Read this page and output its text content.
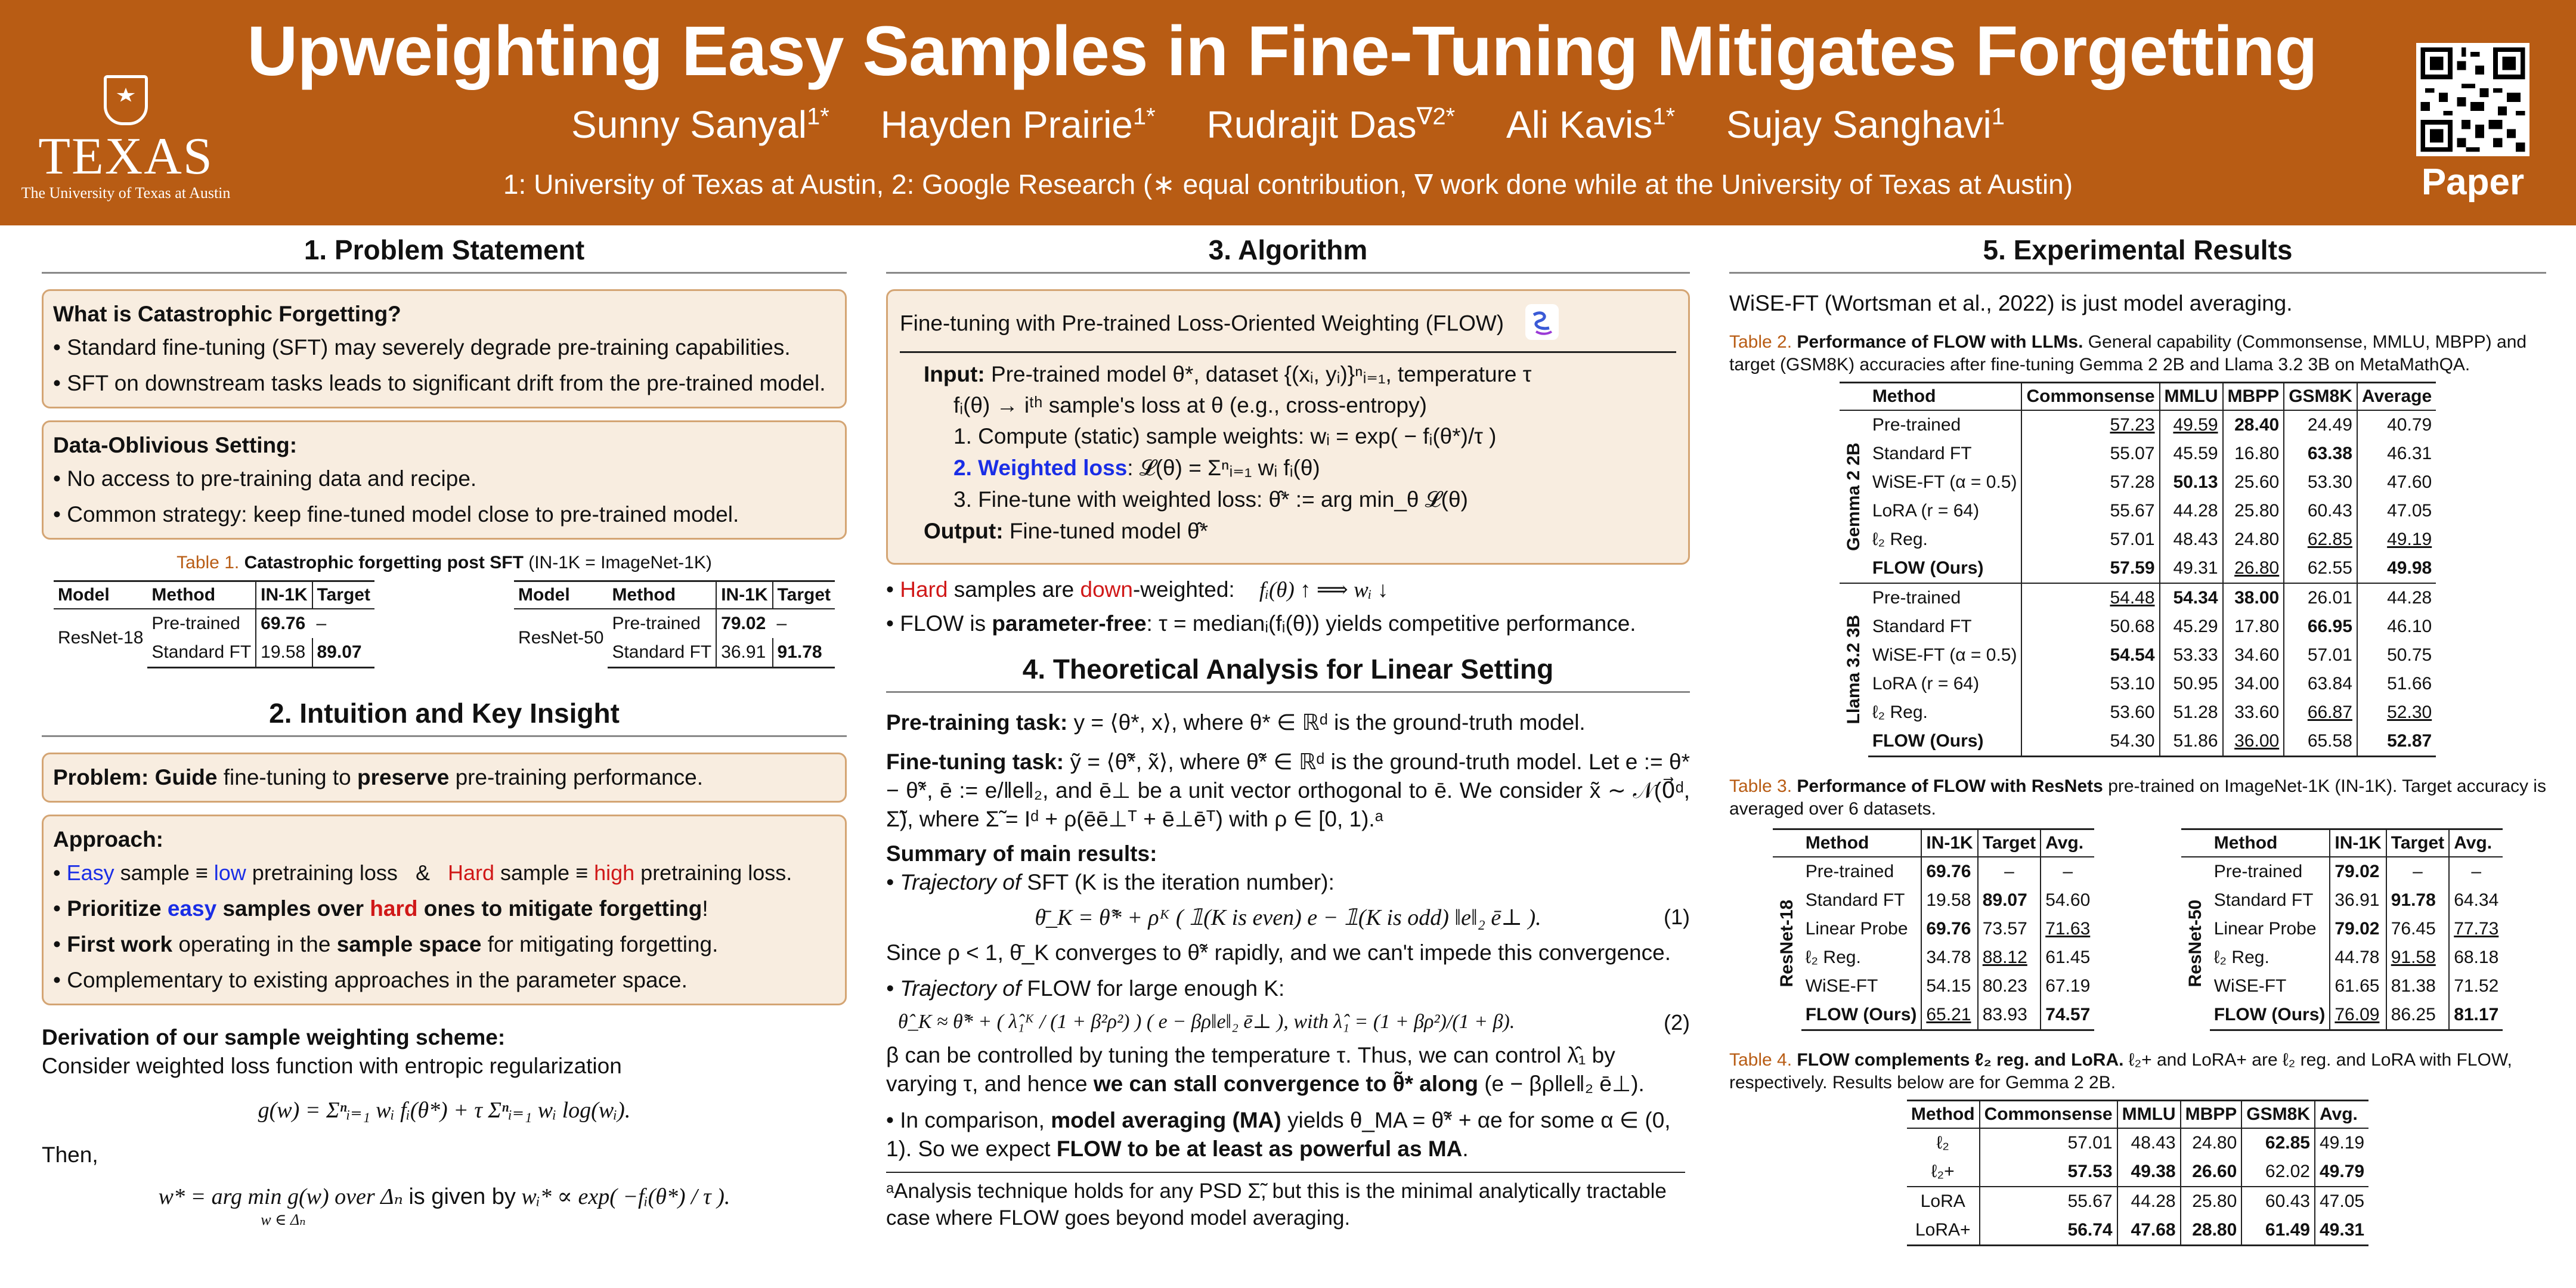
TEXAS
The University of Texas at Austin
Upweighting Easy Samples in Fine-Tuning Mitigates Forgetting
Sunny Sanyal$^{1*}$ Hayden Prairie$^{1*}$ Rudrajit Das$^{\nabla 2*}$ Ali Kavis$^{1*}$ Sujay Sanghavi$^1$
1: University of Texas at Austin, 2: Google Research (∗ equal contribution, ∇ work done while at the University of Texas at Austin)	Paper
1. Problem Statement
What is Catastrophic Forgetting?
• Standard fine-tuning (SFT) may severely degrade pre-training capabilities.
• SFT on downstream tasks leads to significant drift from the pre-trained model.
Data-Oblivious Setting:
• No access to pre-training data and recipe.
• Common strategy: keep fine-tuned model close to pre-trained model.
Table 1. Catastrophic forgetting post SFT (IN-1K = ImageNet-1K)
Model	Method	IN-1K	Target
ResNet-18	Pre-trained	69.76	–
	Standard FT	19.58	89.07
Model	Method	IN-1K	Target
ResNet-50	Pre-trained	79.02	–
	Standard FT	36.91	91.78
2. Intuition and Key Insight
Problem: Guide fine-tuning to preserve pre-training performance.
Approach:
• Easy sample ≡ low pretraining loss & Hard sample ≡ high pretraining loss.
• Prioritize easy samples over hard ones to mitigate forgetting!
• First work operating in the sample space for mitigating forgetting.
• Complementary to existing approaches in the parameter space.
Derivation of our sample weighting scheme:
Consider weighted loss function with entropic regularization
g(w) = Σⁿᵢ₌₁ wᵢ fᵢ(θ*) + τ Σⁿᵢ₌₁ wᵢ log(wᵢ).
Then,
w* = arg min g(w) over Δₙ is given by wᵢ* ∝ exp( −fᵢ(θ*) / τ ).
w ∈ Δₙ
3. Algorithm
Fine-tuning with Pre-trained Loss-Oriented Weighting (FLOW)
Input: Pre-trained model θ*, dataset {(xᵢ, yᵢ)}ⁿᵢ₌₁, temperature τ
fᵢ(θ) → iᵗʰ sample's loss at θ (e.g., cross-entropy)
1. Compute (static) sample weights: wᵢ = exp( − fᵢ(θ*)/τ )
2. Weighted loss: 𝓛(θ) = Σⁿᵢ₌₁ wᵢ fᵢ(θ)
3. Fine-tune with weighted loss: θ̂* := arg min_θ 𝓛(θ)
Output: Fine-tuned model θ̂*
• Hard samples are down-weighted: fᵢ(θ) ↑ ⟹ wᵢ ↓
• FLOW is parameter-free: τ = medianᵢ(fᵢ(θ)) yields competitive performance.
4. Theoretical Analysis for Linear Setting
Pre-training task: y = ⟨θ*, x⟩, where θ* ∈ ℝᵈ is the ground-truth model.
Fine-tuning task: ỹ = ⟨θ̃*, x̃⟩, where θ̃* ∈ ℝᵈ is the ground-truth model. Let e := θ* − θ̃*, ē := e/‖e‖₂, and ē⊥ be a unit vector orthogonal to ē. We consider x̃ ∼ 𝒩(0⃗ᵈ, Σ̃), where Σ̃ = Iᵈ + ρ(ēē⊥ᵀ + ē⊥ēᵀ) with ρ ∈ [0, 1).ᵃ
Summary of main results:
• Trajectory of SFT (K is the iteration number):
θ̄_K = θ̃* + ρᴷ ( 𝟙(K is even) e − 𝟙(K is odd) ‖e‖₂ ē⊥ ).	(1)
Since ρ < 1, θ̄_K converges to θ̃* rapidly, and we can't impede this convergence.
• Trajectory of FLOW for large enough K:
θ̂_K ≈ θ̃* + ( λ̂₁ᴷ / (1 + β²ρ²) ) ( e − βρ‖e‖₂ ē⊥ ), with λ̂₁ = (1 + βρ²)/(1 + β).	(2)
β can be controlled by tuning the temperature τ. Thus, we can control λ̂₁ by varying τ, and hence we can stall convergence to θ̃* along (e − βρ‖e‖₂ ē⊥).
• In comparison, model averaging (MA) yields θ_MA = θ̃* + αe for some α ∈ (0, 1). So we expect FLOW to be at least as powerful as MA.
ᵃAnalysis technique holds for any PSD Σ̃, but this is the minimal analytically tractable case where FLOW goes beyond model averaging.
5. Experimental Results
WiSE-FT (Wortsman et al., 2022) is just model averaging.
Table 2. Performance of FLOW with LLMs. General capability (Commonsense, MMLU, MBPP) and target (GSM8K) accuracies after fine-tuning Gemma 2 2B and Llama 3.2 3B on MetaMathQA.
	Method	Commonsense	MMLU	MBPP	GSM8K	Average
Gemma 2 2B	Pre-trained	57.23	49.59	28.40	24.49	40.79
	Standard FT	55.07	45.59	16.80	63.38	46.31
	WiSE-FT (α = 0.5)	57.28	50.13	25.60	53.30	47.60
	LoRA (r = 64)	55.67	44.28	25.80	60.43	47.05
	ℓ₂ Reg.	57.01	48.43	24.80	62.85	49.19
	FLOW (Ours)	57.59	49.31	26.80	62.55	49.98
Llama 3.2 3B	Pre-trained	54.48	54.34	38.00	26.01	44.28
	Standard FT	50.68	45.29	17.80	66.95	46.10
	WiSE-FT (α = 0.5)	54.54	53.33	34.60	57.01	50.75
	LoRA (r = 64)	53.10	50.95	34.00	63.84	51.66
	ℓ₂ Reg.	53.60	51.28	33.60	66.87	52.30
	FLOW (Ours)	54.30	51.86	36.00	65.58	52.87
Table 3. Performance of FLOW with ResNets pre-trained on ImageNet-1K (IN-1K). Target accuracy is averaged over 6 datasets.
	Method	IN-1K	Target	Avg.
ResNet-18	Pre-trained	69.76	–	–
	Standard FT	19.58	89.07	54.60
	Linear Probe	69.76	73.57	71.63
	ℓ₂ Reg.	34.78	88.12	61.45
	WiSE-FT	54.15	80.23	67.19
	FLOW (Ours)	65.21	83.93	74.57
	Method	IN-1K	Target	Avg.
ResNet-50	Pre-trained	79.02	–	–
	Standard FT	36.91	91.78	64.34
	Linear Probe	79.02	76.45	77.73
	ℓ₂ Reg.	44.78	91.58	68.18
	WiSE-FT	61.65	81.38	71.52
	FLOW (Ours)	76.09	86.25	81.17
Table 4. FLOW complements ℓ₂ reg. and LoRA. ℓ₂+ and LoRA+ are ℓ₂ reg. and LoRA with FLOW, respectively. Results below are for Gemma 2 2B.
Method	Commonsense	MMLU	MBPP	GSM8K	Avg.
ℓ₂	57.01	48.43	24.80	62.85	49.19
ℓ₂+	57.53	49.38	26.60	62.02	49.79
LoRA	55.67	44.28	25.80	60.43	47.05
LoRA+	56.74	47.68	28.80	61.49	49.31
